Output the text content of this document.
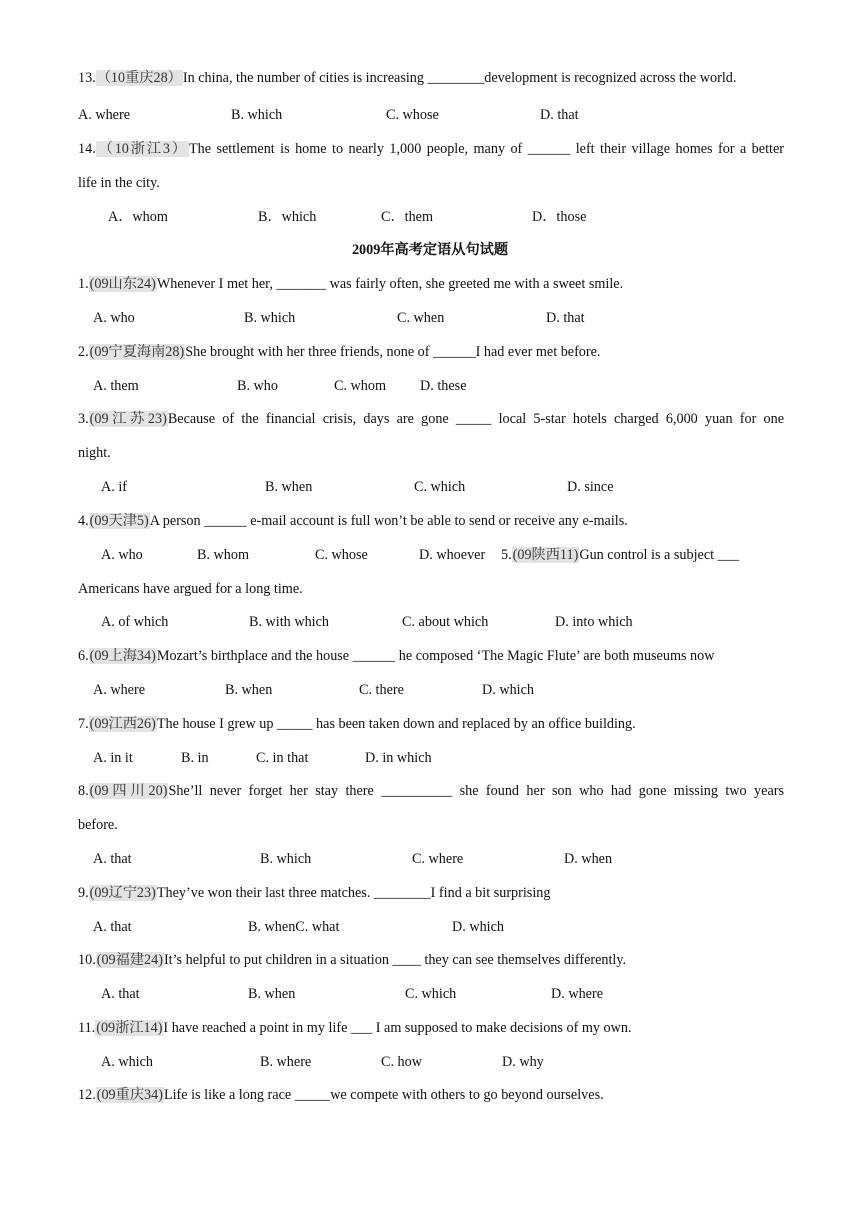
13.（10重庆28）In china, the number of cities is increasing ________development is recognized across the world.
A. where	B. which	C. whose	D. that
14.（10浙江3）The settlement is home to nearly 1,000 people, many of ______ left their village homes for a better
life in the city.
A．whom	B．which	C．them	D．those
2009年高考定语从句试题
1.(09山东24)Whenever I met her, _______ was fairly often, she greeted me with a sweet smile.
A. who	B. which	C. when	D. that
2.(09宁夏海南28)She brought with her three friends, none of ______I had ever met before.
A. them	B. who	C. whom D. these
3.(09江苏23)Because of the financial crisis, days are gone _____ local 5-star hotels charged 6,000 yuan for one
night.
A. if	B. when	C. which	D. since
4.(09天津5)A person ______ e-mail account is full won’t be able to send or receive any e-mails.
A. who	B. whom	C. whose	D. whoever 5.(09陕西11)Gun control is a subject ___
Americans have argued for a long time.
A. of which	B. with which	C. about which	D. into which
6.(09上海34)Mozart’s birthplace and the house ______ he composed ‘The Magic Flute’ are both museums now
A. where	B. when	C. there	D. which
7.(09江西26)The house I grew up _____ has been taken down and replaced by an office building.
A. in it	B. in	C. in that	D. in which
8.(09四川20)She’ll never forget her stay there __________ she found her son who had gone missing two years
before.
A. that	B. which	C. where	D. when
9.(09辽宁23)They’ve won their last three matches. ________I find a bit surprising
A. that	B. whenC. what	D. which
10.(09福建24)It’s helpful to put children in a situation ____ they can see themselves differently.
A. that	B. when	C. which	D. where
11.(09浙江14)I have reached a point in my life ___ I am supposed to make decisions of my own.
A. which	B. where	C. how	D. why
12.(09重庆34)Life is like a long race _____we compete with others to go beyond ourselves.
